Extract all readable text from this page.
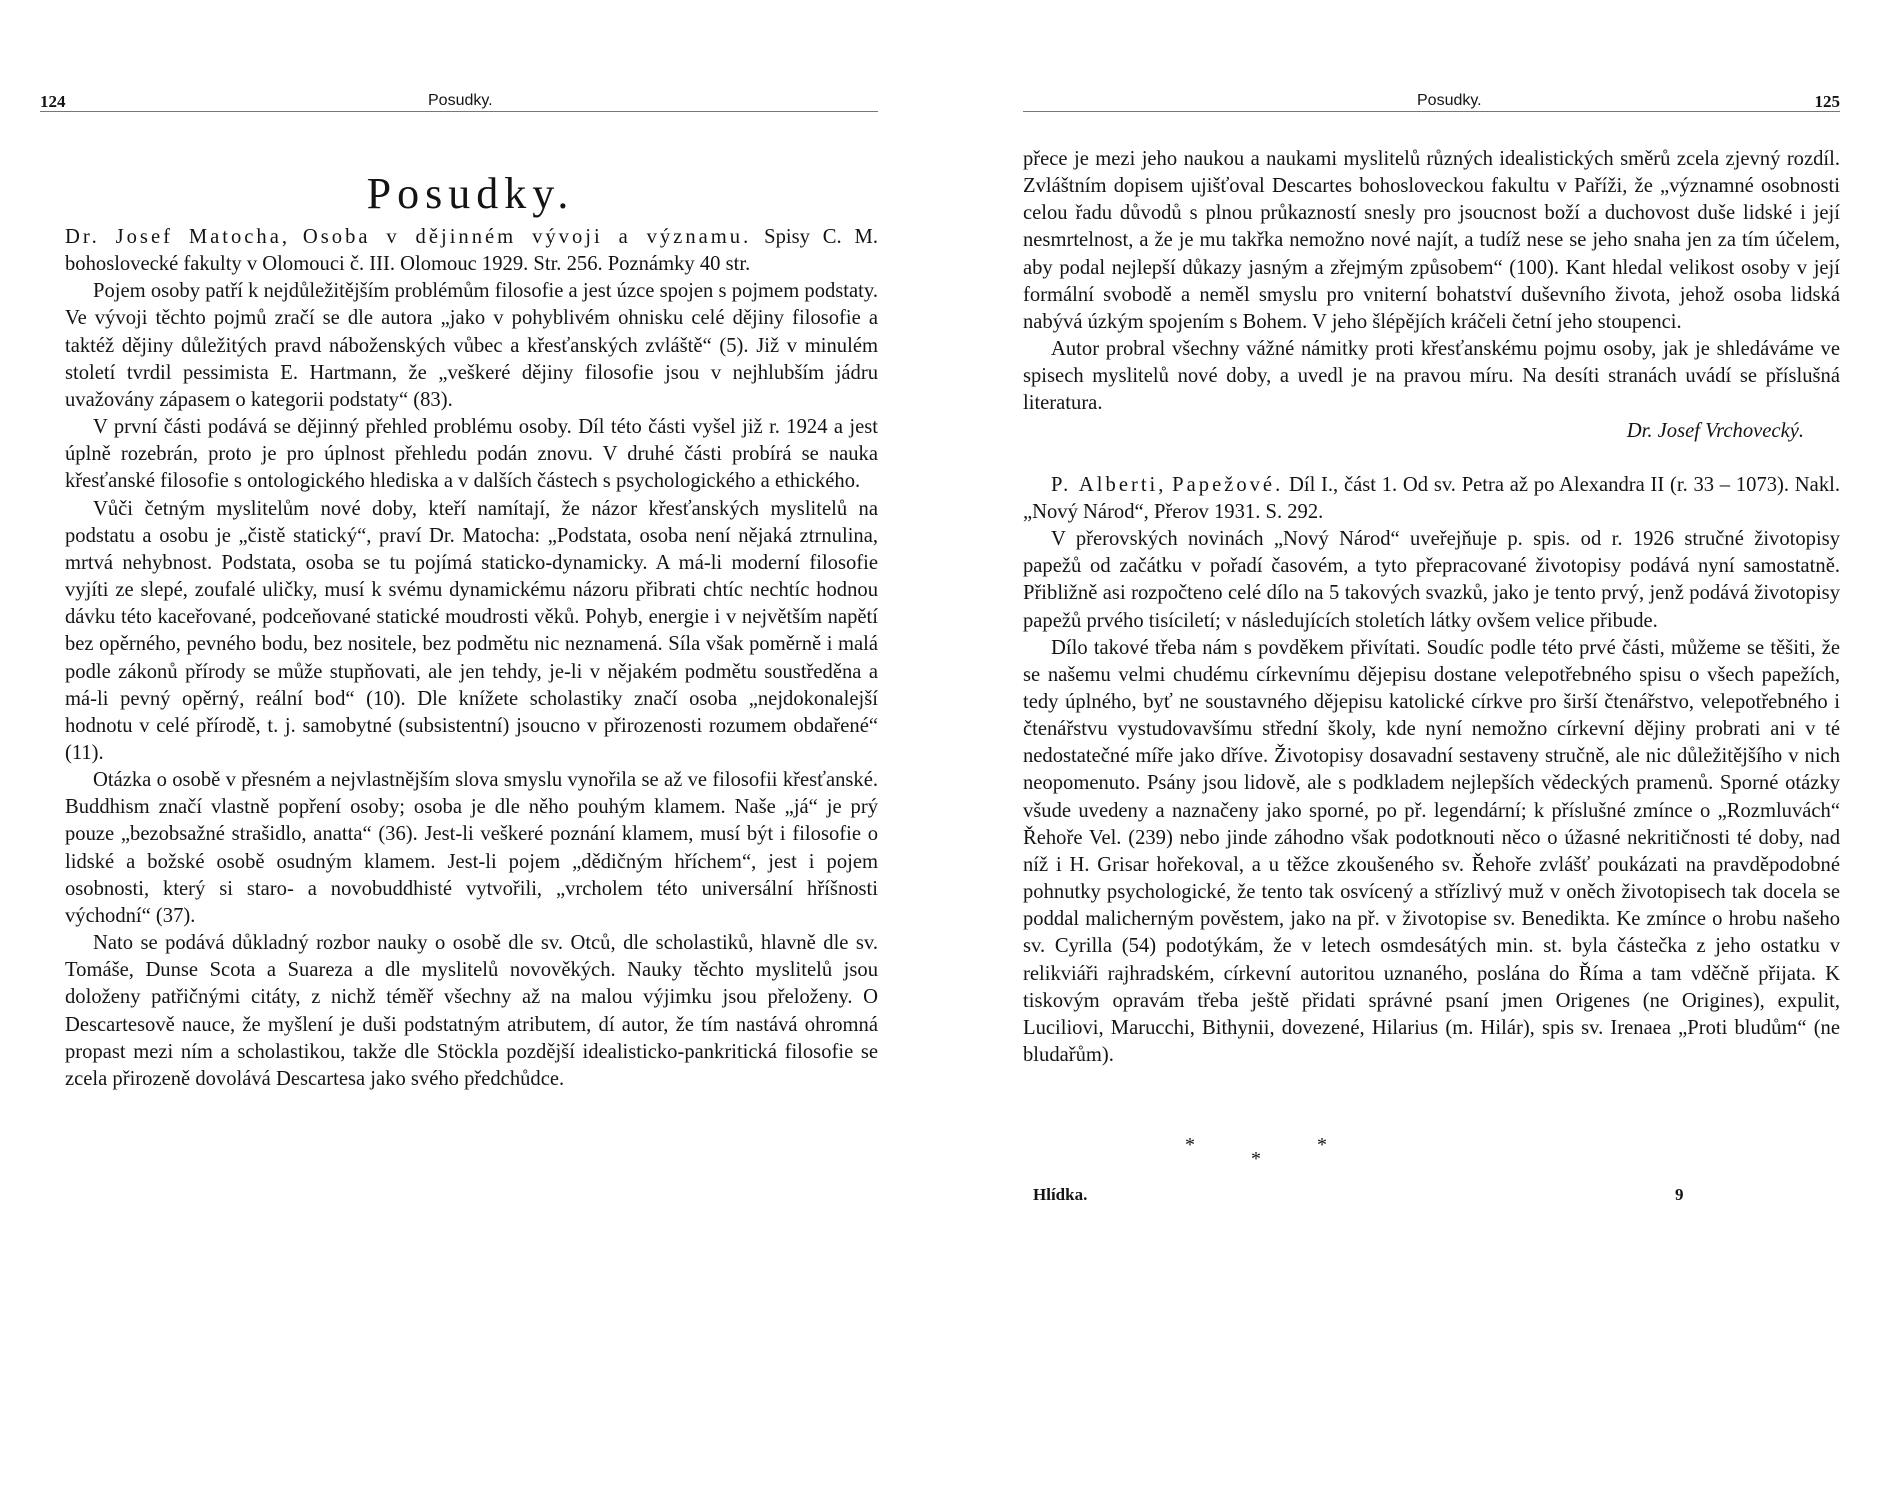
124	Posudky.
Posudky.

Dr. Josef Matocha, Osoba v dějinném vývoji a významu. Spisy C. M. bohoslovecké fakulty v Olomouci č. III. Olomouc 1929. Str. 256. Poznámky 40 str.

Pojem osoby patří k nejdůležitějším problémům filosofie a jest úzce spojen s pojmem podstaty. Ve vývoji těchto pojmů zračí se dle autora „jako v pohyblivém ohnisku celé dějiny filosofie a taktéž dějiny důležitých pravd náboženských vůbec a křesťanských zvláště“ (5). Již v minulém století tvrdil pessimista E. Hartmann, že „veškeré dějiny filosofie jsou v nejhlubším jádru uvažovány zápasem o kategorii podstaty“ (83).

V první části podává se dějinný přehled problému osoby. Díl této části vyšel již r. 1924 a jest úplně rozebrán, proto je pro úplnost přehledu podán znovu. V druhé části probírá se nauka křesťanské filosofie s ontologického hlediska a v dalších částech s psychologického a ethického.

Vůči četným myslitelům nové doby, kteří namítají, že názor křesťanských myslitelů na podstatu a osobu je „čistě statický“, praví Dr. Matocha: „Podstata, osoba není nějaká ztrnulina, mrtvá nehybnost. Podstata, osoba se tu pojímá staticko-dynamicky. A má-li moderní filosofie vyjíti ze slepé, zoufalé uličky, musí k svému dynamickému názoru přibrati chtíc nechtíc hodnou dávku této kaceřované, podceňované statické moudrosti věků. Pohyb, energie i v největším napětí bez opěrného, pevného bodu, bez nositele, bez podmětu nic neznamená. Síla však poměrně i malá podle zákonů přírody se může stupňovati, ale jen tehdy, je-li v nějakém podmětu soustředěna a má-li pevný opěrný, reální bod“ (10). Dle knížete scholastiky značí osoba „nejdokonalejší hodnotu v celé přírodě, t. j. samobytné (subsistentní) jsoucno v přirozenosti rozumem obdařené“ (11).

Otázka o osobě v přesném a nejvlastnějším slova smyslu vynořila se až ve filosofii křesťanské. Buddhism značí vlastně popření osoby; osoba je dle něho pouhým klamem. Naše „já“ je prý pouze „bezobsažné strašidlo, anatta“ (36). Jest-li veškeré poznání klamem, musí být i filosofie o lidské a božské osobě osudným klamem. Jest-li pojem „dědičným hříchem“, jest i pojem osobnosti, který si staro- a novobuddhisté vytvořili, „vrcholem této universální hříšnosti východní“ (37).

Nato se podává důkladný rozbor nauky o osobě dle sv. Otců, dle scholastiků, hlavně dle sv. Tomáše, Dunse Scota a Suareza a dle myslitelů novověkých. Nauky těchto myslitelů jsou doloženy patřičnými citáty, z nichž téměř všechny až na malou výjimku jsou přeloženy. O Descartesově nauce, že myšlení je duši podstatným atributem, dí autor, že tím nastává ohromná propast mezi ním a scholastikou, takže dle Stöckla pozdější idealisticko-pankritická filosofie se zcela přirozeně dovolává Descartesa jako svého předchůdce.

Posudky.	125

přece je mezi jeho naukou a naukami myslitelů různých idealistických směrů zcela zjevný rozdíl. Zvláštním dopisem ujišťoval Descartes bohosloveckou fakultu v Paříži, že „významné osobnosti celou řadu důvodů s plnou průkazností snesly pro jsoucnost boží a duchovost duše lidské i její nesmrtelnost, a že je mu takřka nemožno nové najít, a tudíž nese se jeho snaha jen za tím účelem, aby podal nejlepší důkazy jasným a zřejmým způsobem“ (100). Kant hledal velikost osoby v její formální svobodě a neměl smyslu pro vniterní bohatství duševního života, jehož osoba lidská nabývá úzkým spojením s Bohem. V jeho šlépějích kráčeli četní jeho stoupenci.

Autor probral všechny vážné námitky proti křesťanskému pojmu osoby, jak je shledáváme ve spisech myslitelů nové doby, a uvedl je na pravou míru. Na desíti stranách uvádí se příslušná literatura.

Dr. Josef Vrchovecký.

P. Alberti, Papežové. Díl I., část 1. Od sv. Petra až po Alexandra II (r. 33 – 1073). Nakl. „Nový Národ“, Přerov 1931. S. 292.

V přerovských novinách „Nový Národ“ uveřejňuje p. spis. od r. 1926 stručné životopisy papežů od začátku v pořadí časovém, a tyto přepracované životopisy podává nyní samostatně. Přibližně asi rozpočteno celé dílo na 5 takových svazků, jako je tento prvý, jenž podává životopisy papežů prvého tisíciletí; v následujících stoletích látky ovšem velice přibude.

Dílo takové třeba nám s povděkem přivítati. Soudíc podle této prvé části, můžeme se těšiti, že se našemu velmi chudému církevnímu dějepisu dostane velepotřebného spisu o všech papežích, tedy úplného, byť ne soustavného dějepisu katolické církve pro širší čtenářstvo, velepotřebného i čtenářstvu vystudovavšímu střední školy, kde nyní nemožno církevní dějiny probrati ani v té nedostatečné míře jako dříve. Životopisy dosavadní sestaveny stručně, ale nic důležitějšího v nich neopomenuto. Psány jsou lidově, ale s podkladem nejlepších vědeckých pramenů. Sporné otázky všude uvedeny a naznačeny jako sporné, po př. legendární; k příslušné zmínce o „Rozmluvách“ Řehoře Vel. (239) nebo jinde záhodno však podotknouti něco o úžasné nekritičnosti té doby, nad níž i H. Grisar hořekoval, a u těžce zkoušeného sv. Řehoře zvlášť poukázati na pravděpodobné pohnutky psychologické, že tento tak osvícený a střízlivý muž v oněch životopisech tak docela se poddal malicherným pověstem, jako na př. v životopise sv. Benedikta. Ke zmínce o hrobu našeho sv. Cyrilla (54) podotýkám, že v letech osmdesátých min. st. byla částečka z jeho ostatku v relikviáři rajhradském, církevní autoritou uznaného, poslána do Říma a tam vděčně přijata. K tiskovým opravám třeba ještě přidati správné psaní jmen Origenes (ne Origines), expulit, Luciliovi, Marucchi, Bithynii, dovezené, Hilarius (m. Hilár), spis sv. Irenaea „Proti bludům“ (ne bludařům).

*
*
*
Hlídka.	9
